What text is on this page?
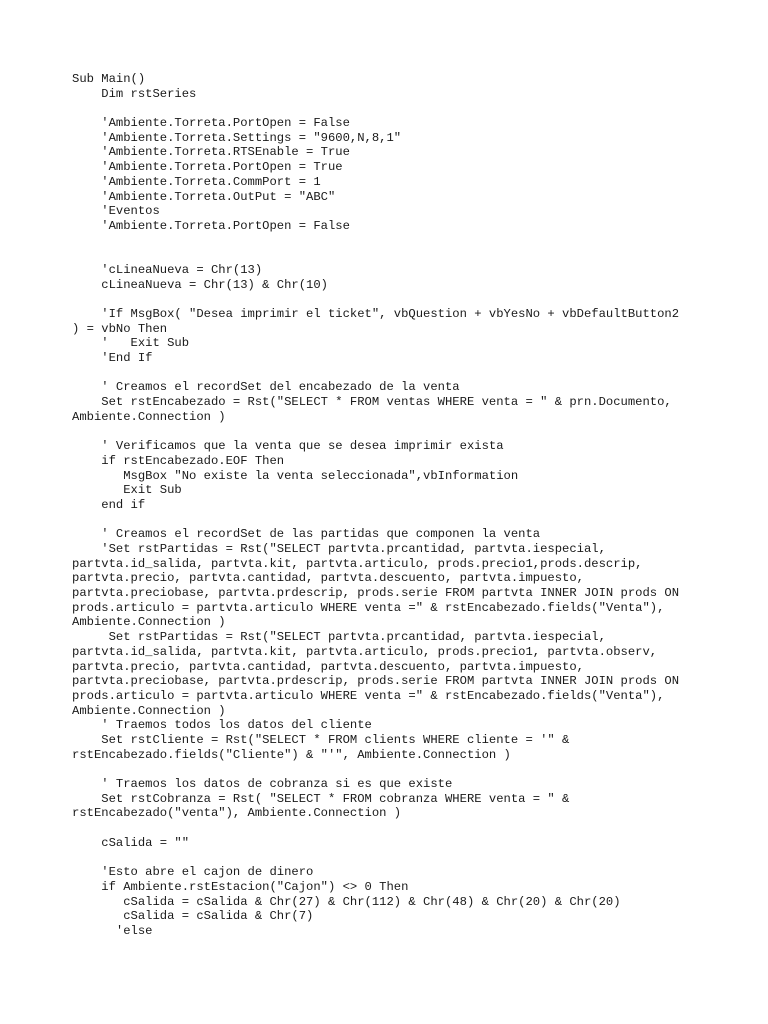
Sub Main()
Dim rstSeries
'Ambiente.Torreta.PortOpen = False
'Ambiente.Torreta.Settings = "9600,N,8,1"
'Ambiente.Torreta.RTSEnable = True
'Ambiente.Torreta.PortOpen = True
'Ambiente.Torreta.CommPort = 1
'Ambiente.Torreta.OutPut = "ABC"
'Eventos
'Ambiente.Torreta.PortOpen = False
'cLineaNueva = Chr(13)
cLineaNueva = Chr(13) & Chr(10)
'If MsgBox( "Desea imprimir el ticket", vbQuestion + vbYesNo + vbDefaultButton2
) = vbNo Then
'   Exit Sub
'End If
' Creamos el recordSet del encabezado de la venta
Set rstEncabezado = Rst("SELECT * FROM ventas WHERE venta = " & prn.Documento,
Ambiente.Connection )
' Verificamos que la venta que se desea imprimir exista
if rstEncabezado.EOF Then
MsgBox "No existe la venta seleccionada",vbInformation
Exit Sub
end if
' Creamos el recordSet de las partidas que componen la venta
'Set rstPartidas = Rst("SELECT partvta.prcantidad, partvta.iespecial,
partvta.id_salida, partvta.kit, partvta.articulo, prods.precio1,prods.descrip,
partvta.precio, partvta.cantidad, partvta.descuento, partvta.impuesto,
partvta.preciobase, partvta.prdescrip, prods.serie FROM partvta INNER JOIN prods ON
prods.articulo = partvta.articulo WHERE venta =" & rstEncabezado.fields("Venta"),
Ambiente.Connection )
Set rstPartidas = Rst("SELECT partvta.prcantidad, partvta.iespecial,
partvta.id_salida, partvta.kit, partvta.articulo, prods.precio1, partvta.observ,
partvta.precio, partvta.cantidad, partvta.descuento, partvta.impuesto,
partvta.preciobase, partvta.prdescrip, prods.serie FROM partvta INNER JOIN prods ON
prods.articulo = partvta.articulo WHERE venta =" & rstEncabezado.fields("Venta"),
Ambiente.Connection )
' Traemos todos los datos del cliente
Set rstCliente = Rst("SELECT * FROM clients WHERE cliente = '" &
rstEncabezado.fields("Cliente") & "'", Ambiente.Connection )
' Traemos los datos de cobranza si es que existe
Set rstCobranza = Rst( "SELECT * FROM cobranza WHERE venta = " &
rstEncabezado("venta"), Ambiente.Connection )
cSalida = ""
'Esto abre el cajon de dinero
if Ambiente.rstEstacion("Cajon") <> 0 Then
cSalida = cSalida & Chr(27) & Chr(112) & Chr(48) & Chr(20) & Chr(20)
cSalida = cSalida & Chr(7)
'else
